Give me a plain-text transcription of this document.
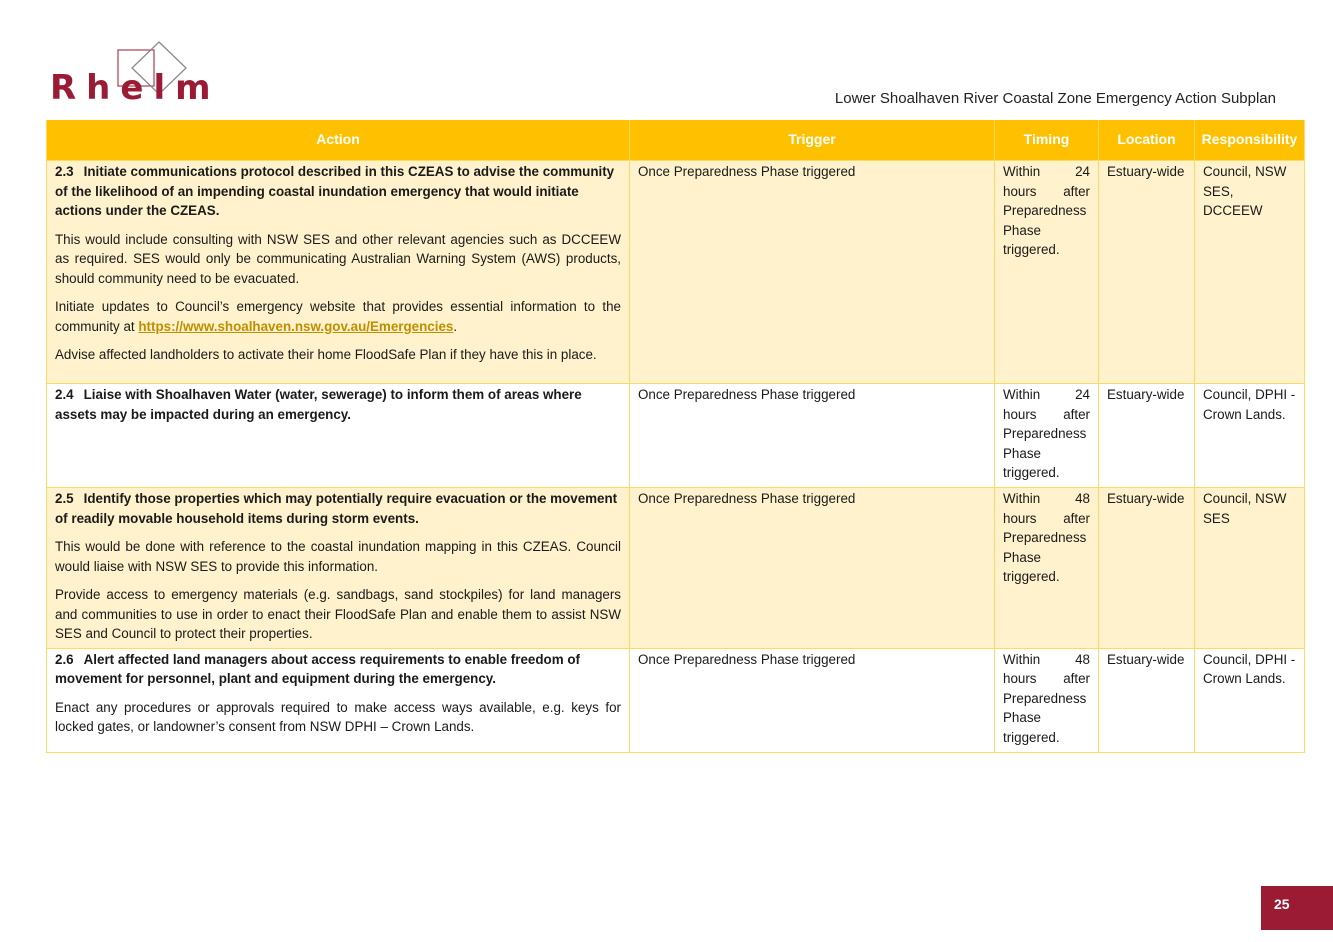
Rhelm	Lower Shoalhaven River Coastal Zone Emergency Action Subplan
Action	Trigger	Timing	Location	Responsibility

2.3 Initiate communications protocol described in this CZEAS to advise the community of the likelihood of an impending coastal inundation emergency that would initiate actions under the CZEAS.

This would include consulting with NSW SES and other relevant agencies such as DCCEEW as required. SES would only be communicating Australian Warning System (AWS) products, should community need to be evacuated.

Initiate updates to Council’s emergency website that provides essential information to the community at https://www.shoalhaven.nsw.gov.au/Emergencies.

Advise affected landholders to activate their home FloodSafe Plan if they have this in place.	Once Preparedness Phase triggered	Within 24 hours after Preparedness Phase triggered.	Estuary-wide	Council, NSW SES, DCCEEW

2.4 Liaise with Shoalhaven Water (water, sewerage) to inform them of areas where assets may be impacted during an emergency.	Once Preparedness Phase triggered	Within 24 hours after Preparedness Phase triggered.	Estuary-wide	Council, DPHI - Crown Lands.

2.5 Identify those properties which may potentially require evacuation or the movement of readily movable household items during storm events.

This would be done with reference to the coastal inundation mapping in this CZEAS. Council would liaise with NSW SES to provide this information.

Provide access to emergency materials (e.g. sandbags, sand stockpiles) for land managers and communities to use in order to enact their FloodSafe Plan and enable them to assist NSW SES and Council to protect their properties.	Once Preparedness Phase triggered	Within 48 hours after Preparedness Phase triggered.	Estuary-wide	Council, NSW SES

2.6 Alert affected land managers about access requirements to enable freedom of movement for personnel, plant and equipment during the emergency.

Enact any procedures or approvals required to make access ways available, e.g. keys for locked gates, or landowner’s consent from NSW DPHI – Crown Lands.	Once Preparedness Phase triggered	Within 48 hours after Preparedness Phase triggered.	Estuary-wide	Council, DPHI - Crown Lands.
25
